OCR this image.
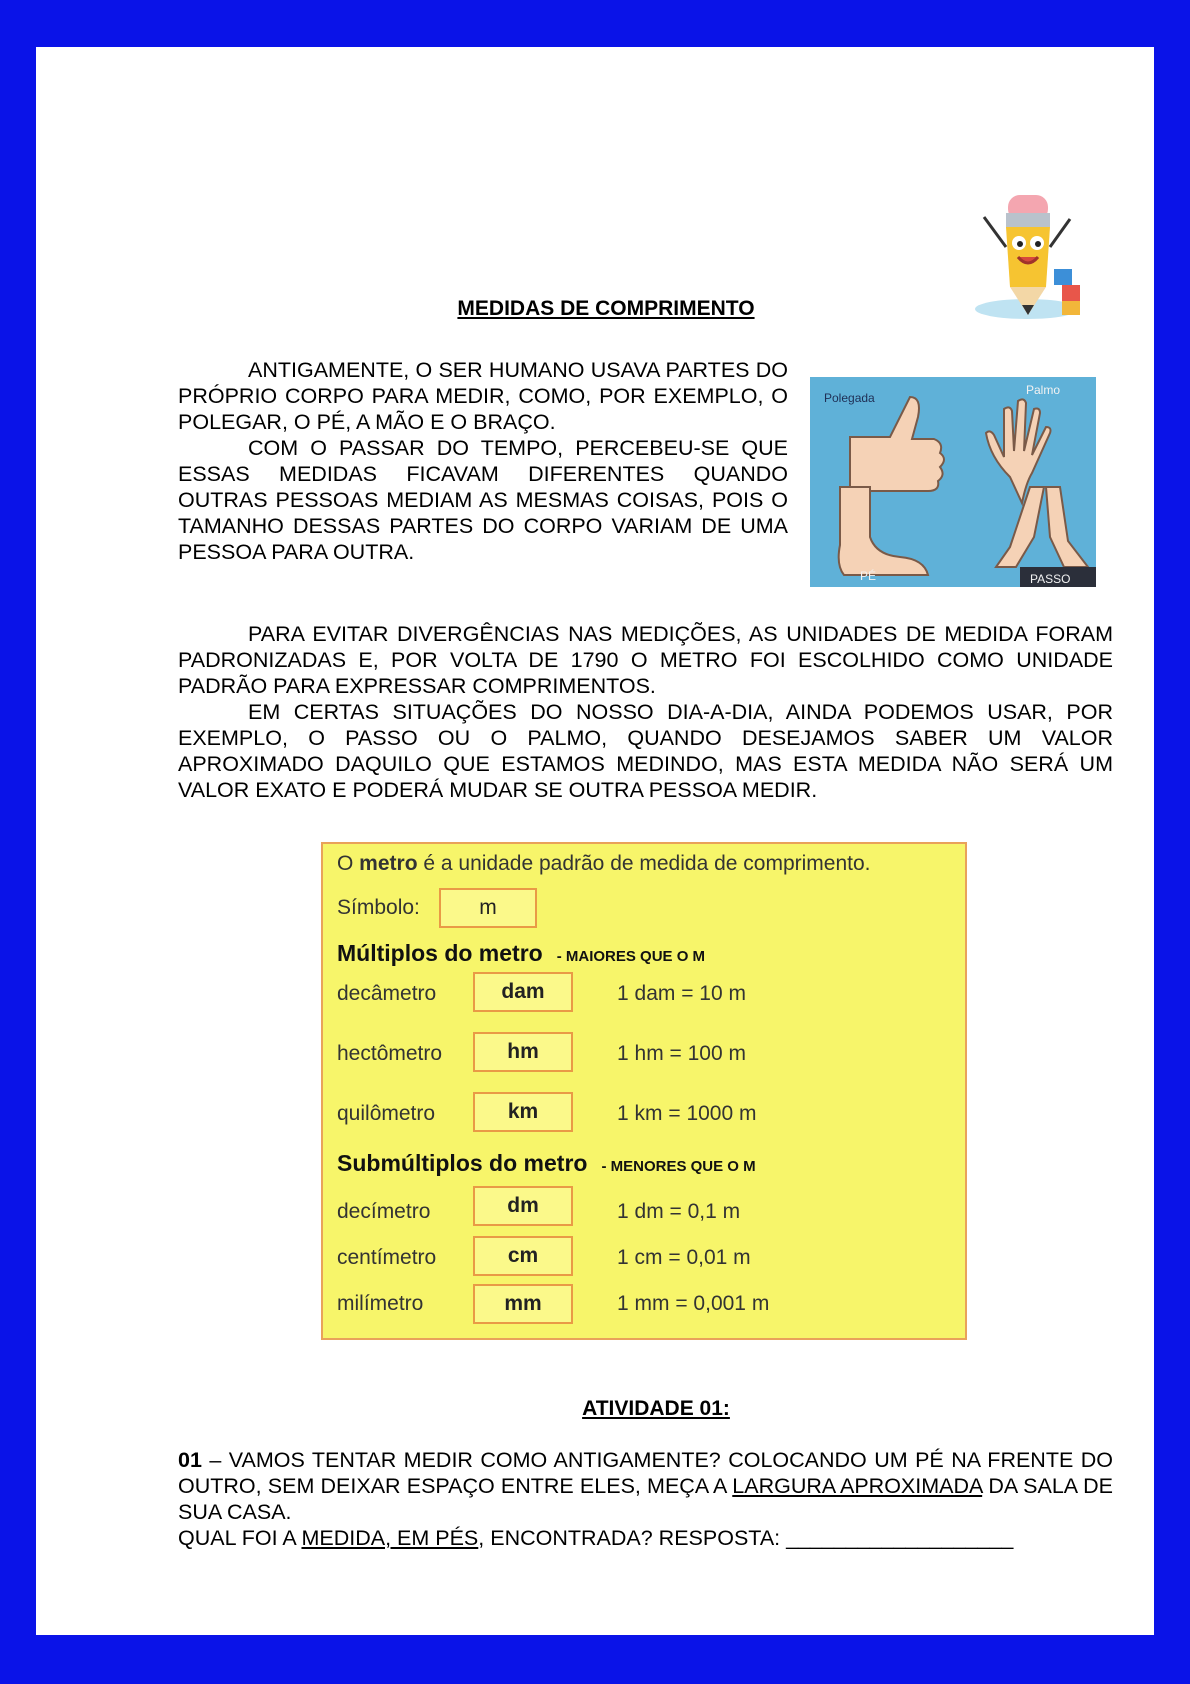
MEDIDAS DE COMPRIMENTO

ANTIGAMENTE, O SER HUMANO USAVA PARTES DO PRÓPRIO CORPO PARA MEDIR, COMO, POR EXEMPLO, O POLEGAR, O PÉ, A MÃO E O BRAÇO.

COM O PASSAR DO TEMPO, PERCEBEU-SE QUE ESSAS MEDIDAS FICAVAM DIFERENTES QUANDO OUTRAS PESSOAS MEDIAM AS MESMAS COISAS, POIS O TAMANHO DESSAS PARTES DO CORPO VARIAM DE UMA PESSOA PARA OUTRA.

Polegada
Palmo
PÉ	PASSO

PARA EVITAR DIVERGÊNCIAS NAS MEDIÇÕES, AS UNIDADES DE MEDIDA FORAM PADRONIZADAS E, POR VOLTA DE 1790 O METRO FOI ESCOLHIDO COMO UNIDADE PADRÃO PARA EXPRESSAR COMPRIMENTOS.

EM CERTAS SITUAÇÕES DO NOSSO DIA-A-DIA, AINDA PODEMOS USAR, POR EXEMPLO, O PASSO OU O PALMO, QUANDO DESEJAMOS SABER UM VALOR APROXIMADO DAQUILO QUE ESTAMOS MEDINDO, MAS ESTA MEDIDA NÃO SERÁ UM VALOR EXATO E PODERÁ MUDAR SE OUTRA PESSOA MEDIR.

O metro é a unidade padrão de medida de comprimento.
Símbolo:	m
Múltiplos do metro - MAIORES QUE O M
decâmetro	dam	1 dam = 10 m
hectômetro	hm	1 hm = 100 m
quilômetro	km	1 km = 1000 m
Submúltiplos do metro - MENORES QUE O M
decímetro	dm	1 dm = 0,1 m
centímetro	cm	1 cm = 0,01 m
milímetro	mm	1 mm = 0,001 m
ATIVIDADE 01:
01 – VAMOS TENTAR MEDIR COMO ANTIGAMENTE? COLOCANDO UM PÉ NA FRENTE DO OUTRO, SEM DEIXAR ESPAÇO ENTRE ELES, MEÇA A LARGURA APROXIMADA DA SALA DE SUA CASA.
QUAL FOI A MEDIDA, EM PÉS, ENCONTRADA? RESPOSTA: ___________________
